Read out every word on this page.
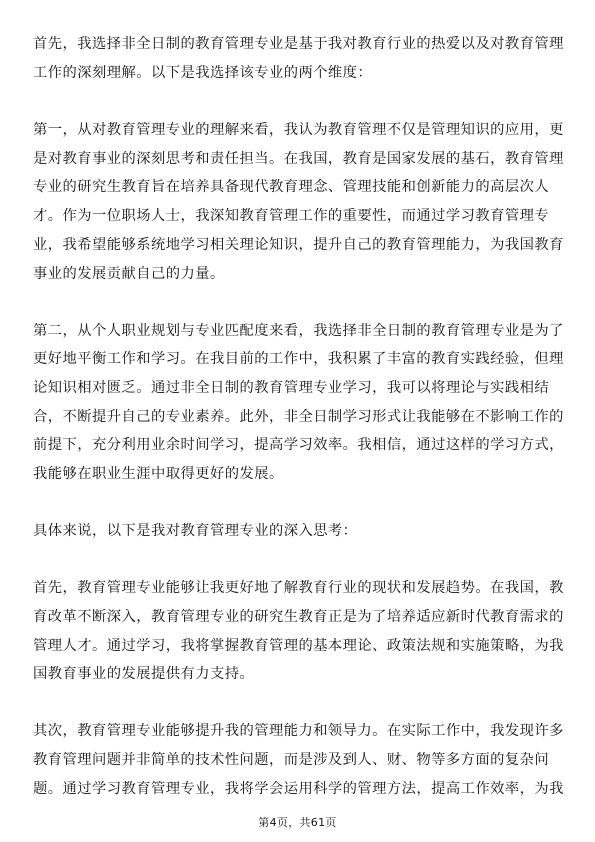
首先，我选择非全日制的教育管理专业是基于我对教育行业的热爱以及对教育管理
工作的深刻理解。以下是我选择该专业的两个维度：
第一，从对教育管理专业的理解来看，我认为教育管理不仅是管理知识的应用，更
是对教育事业的深刻思考和责任担当。在我国，教育是国家发展的基石，教育管理
专业的研究生教育旨在培养具备现代教育理念、管理技能和创新能力的高层次人
才。作为一位职场人士，我深知教育管理工作的重要性，而通过学习教育管理专
业，我希望能够系统地学习相关理论知识，提升自己的教育管理能力，为我国教育
事业的发展贡献自己的力量。
第二，从个人职业规划与专业匹配度来看，我选择非全日制的教育管理专业是为了
更好地平衡工作和学习。在我目前的工作中，我积累了丰富的教育实践经验，但理
论知识相对匮乏。通过非全日制的教育管理专业学习，我可以将理论与实践相结
合，不断提升自己的专业素养。此外，非全日制学习形式让我能够在不影响工作的
前提下，充分利用业余时间学习，提高学习效率。我相信，通过这样的学习方式，
我能够在职业生涯中取得更好的发展。
具体来说，以下是我对教育管理专业的深入思考：
首先，教育管理专业能够让我更好地了解教育行业的现状和发展趋势。在我国，教
育改革不断深入，教育管理专业的研究生教育正是为了培养适应新时代教育需求的
管理人才。通过学习，我将掌握教育管理的基本理论、政策法规和实施策略，为我
国教育事业的发展提供有力支持。
其次，教育管理专业能够提升我的管理能力和领导力。在实际工作中，我发现许多
教育管理问题并非简单的技术性问题，而是涉及到人、财、物等多方面的复杂问
题。通过学习教育管理专业，我将学会运用科学的管理方法，提高工作效率，为我
第4页，共61页
